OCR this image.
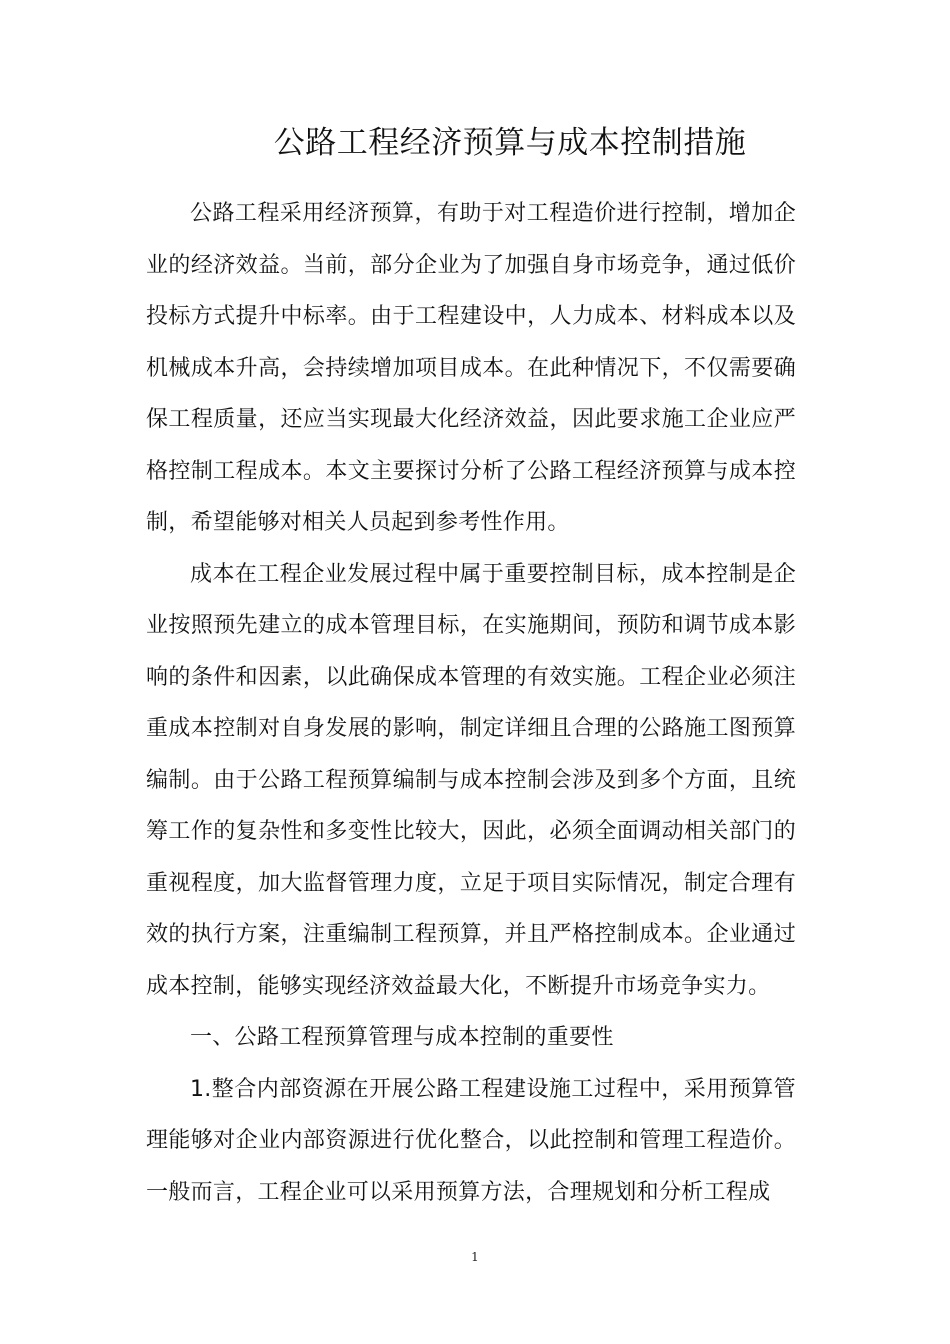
公路工程经济预算与成本控制措施

公路工程采用经济预算，有助于对工程造价进行控制，增加企业的经济效益。当前，部分企业为了加强自身市场竞争，通过低价投标方式提升中标率。由于工程建设中，人力成本、材料成本以及机械成本升高，会持续增加项目成本。在此种情况下，不仅需要确保工程质量，还应当实现最大化经济效益，因此要求施工企业应严格控制工程成本。本文主要探讨分析了公路工程经济预算与成本控制，希望能够对相关人员起到参考性作用。

成本在工程企业发展过程中属于重要控制目标，成本控制是企业按照预先建立的成本管理目标，在实施期间，预防和调节成本影响的条件和因素，以此确保成本管理的有效实施。工程企业必须注重成本控制对自身发展的影响，制定详细且合理的公路施工图预算编制。由于公路工程预算编制与成本控制会涉及到多个方面，且统筹工作的复杂性和多变性比较大，因此，必须全面调动相关部门的重视程度，加大监督管理力度，立足于项目实际情况，制定合理有效的执行方案，注重编制工程预算，并且严格控制成本。企业通过成本控制，能够实现经济效益最大化，不断提升市场竞争实力。

一、公路工程预算管理与成本控制的重要性

1.整合内部资源在开展公路工程建设施工过程中，采用预算管理能够对企业内部资源进行优化整合，以此控制和管理工程造价。一般而言，工程企业可以采用预算方法，合理规划和分析工程成

1
